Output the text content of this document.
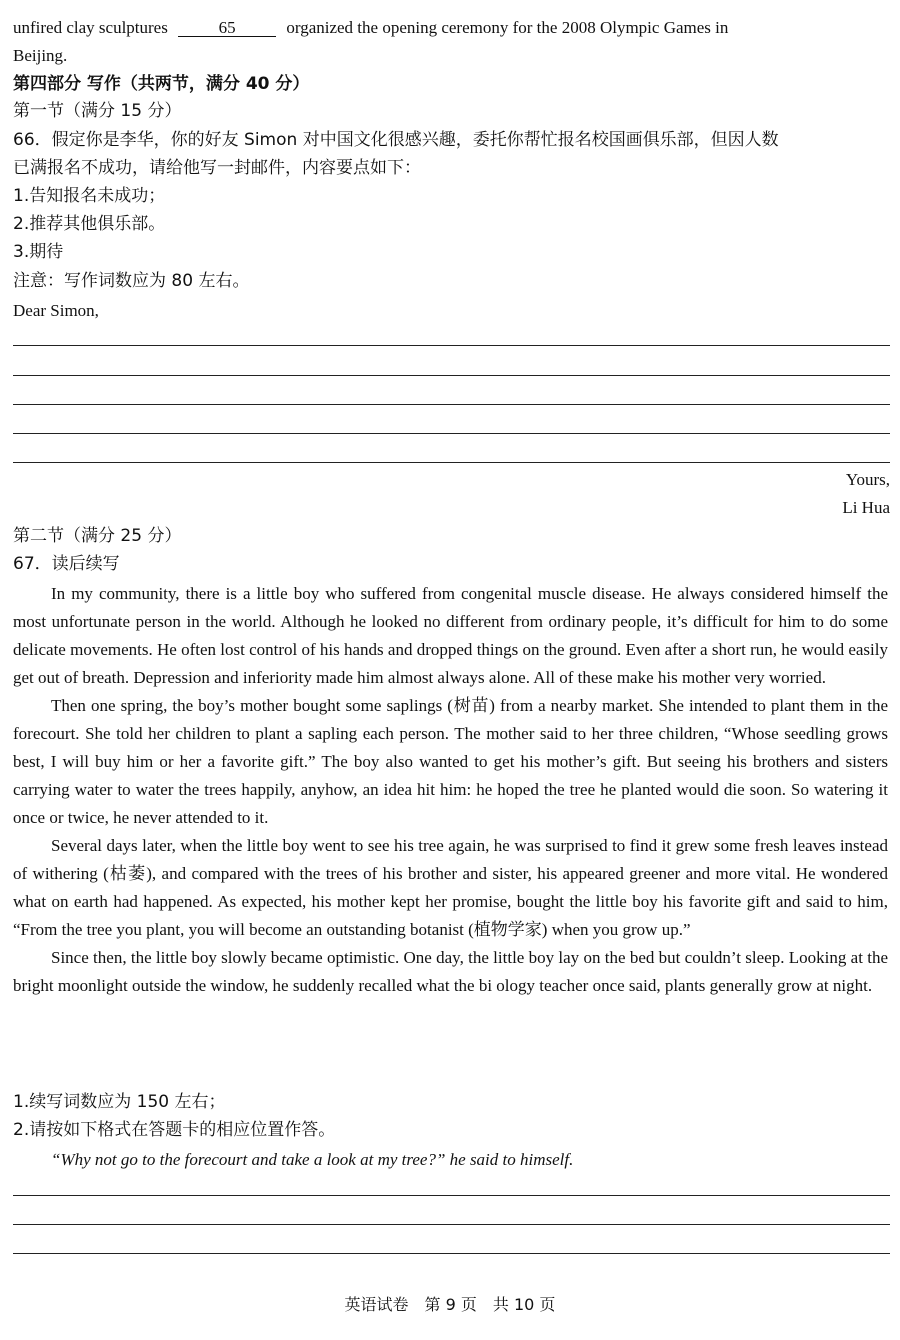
unfired clay sculptures	65	organized the opening ceremony for the 2008 Olympic Games in
Beijing.
第四部分 写作（共两节，满分 40 分）
第一节（满分 15 分）
66．假定你是李华，你的好友 Simon 对中国文化很感兴趣，委托你帮忙报名校国画俱乐部，但因人数
已满报名不成功，请给他写一封邮件，内容要点如下：
1.告知报名未成功；
2.推荐其他俱乐部。
3.期待
注意：写作词数应为 80 左右。
Dear Simon,
Yours,
Li Hua
第二节（满分 25 分）
67．读后续写

In my community, there is a little boy who suffered from congenital muscle disease. He always considered himself the most unfortunate person in the world. Although he looked no different from ordinary people, it’s difficult for him to do some delicate movements. He often lost control of his hands and dropped things on the ground. Even after a short run, he would easily get out of breath. Depression and inferiority made him almost always alone. All of these make his mother very worried.

Then one spring, the boy’s mother bought some saplings (树苗) from a nearby market. She intended to plant them in the forecourt. She told her children to plant a sapling each person. The mother said to her three children, “Whose seedling grows best, I will buy him or her a favorite gift.” The boy also wanted to get his mother’s gift. But seeing his brothers and sisters carrying water to water the trees happily, anyhow, an idea hit him: he hoped the tree he planted would die soon. So watering it once or twice, he never attended to it.

Several days later, when the little boy went to see his tree again, he was surprised to find it grew some fresh leaves instead of withering (枯萎), and compared with the trees of his brother and sister, his appeared greener and more vital. He wondered what on earth had happened. As expected, his mother kept her promise, bought the little boy his favorite gift and said to him, “From the tree you plant, you will become an outstanding botanist (植物学家) when you grow up.”

Since then, the little boy slowly became optimistic. One day, the little boy lay on the bed but couldn’t sleep. Looking at the bright moonlight outside the window, he suddenly recalled what the bi ology teacher once said, plants generally grow at night.

1.续写词数应为 150 左右；
2.请按如下格式在答题卡的相应位置作答。
“Why not go to the forecourt and take a look at my tree?” he said to himself.
英语试卷　第 9 页　共 10 页
